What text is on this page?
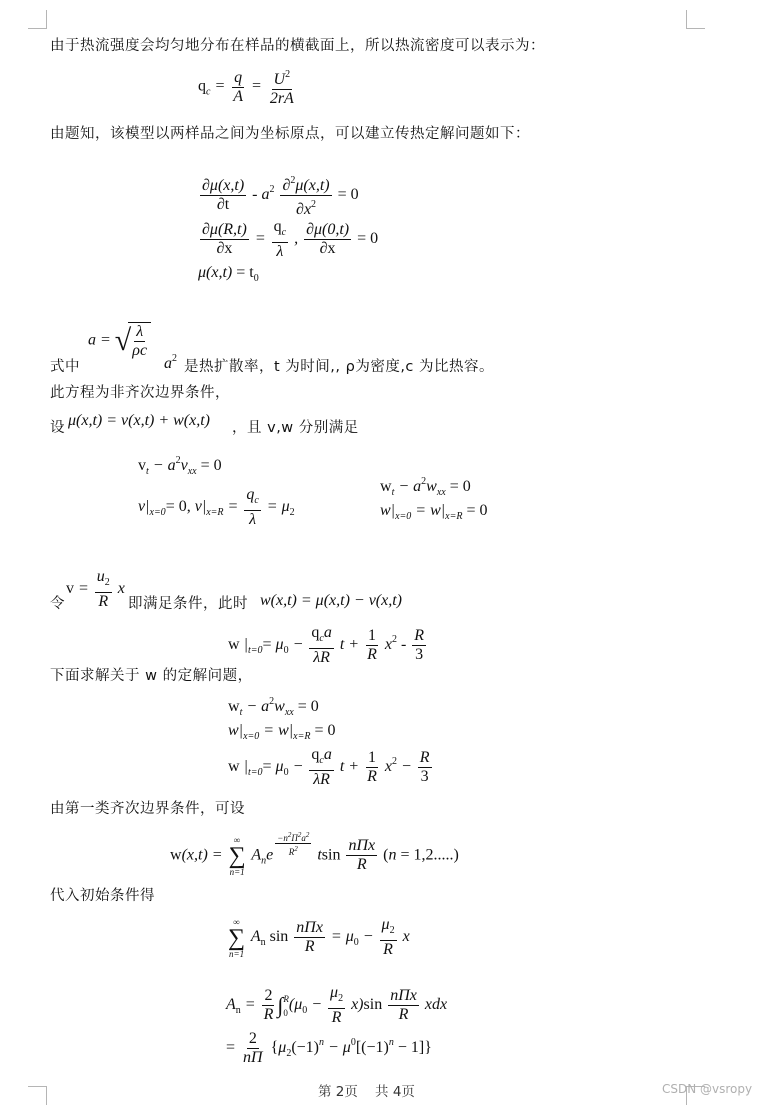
由于热流强度会均匀地分布在样品的横截面上，所以热流密度可以表示为：
$q_c = \frac{q}{A} = \frac{U^2}{2rA}$
由题知，该模型以两样品之间为坐标原点，可以建立传热定解问题如下：
$\frac{\partial\mu(x,t)}{\partial t} - a^2 \frac{\partial^2\mu(x,t)}{\partial x^2} = 0$
$\frac{\partial\mu(R,t)}{\partial x} = \frac{q_c}{\lambda}$ , $\frac{\partial\mu(0,t)}{\partial x} = 0$
$\mu(x,t) = t_0$
a = √ $\frac{\lambda}{\rho c}$
式中	$a^2$
是热扩散率，t 为时间,, ρ为密度,c 为比热容。
此方程为非齐次边界条件，
设 μ(x,t) = v(x,t) + w(x,t) ，且 v,w 分别满足
$v_t - a^2v_{xx} = 0$
$v|_{x=0}= 0$, $v|_{x=R} = \frac{q_c}{\lambda} = \mu_2$
$w_t - a^2w_{xx} = 0$
$w|_{x=0} = w|_{x=R} = 0$
令
$v = \frac{u_2}{R}$ x
即满足条件，此时 w(x,t) = μ(x,t) − v(x,t)
w $|_{t=0}= \mu_0 - \frac{q_ca}{\lambda R}$ $t + \frac{1}{R} x^2 - \frac{R}{3}$
下面求解关于 w 的定解问题，
$w_t - a^2w_{xx} = 0$
$w|_{x=0} = w|_{x=R} = 0$
w $|_{t=0}= \mu_0 - \frac{q_ca}{\lambda R}$ $t + \frac{1}{R} x^2 - \frac{R}{3}$
由第一类齐次边界条件，可设
w(x,t) =
∞
∑
n=1
$A_ne$ $^{\frac{-n^2\Pi^2a^2}{R^2}}$ tsin $\frac{\text{nΠx}}{R} (n = 1,2.....)$
代入初始条件得
∞
∑
n=1
$A_n$ $\sin \frac{\text{nΠx}}{R} = \mu_0 - \frac{\mu_2}{R}$ x
$A_n = \frac{2}{R}$ ∫ R
0 $(\mu_0 - \frac{\mu_2}{R} x)\sin \frac{\text{nΠx}}{R}$ xdx
= $\frac{2}{n\Pi} \{\mu_2(-1)^n - \mu^0[(-1)^n - 1]\}$
第 2页    共 4页	CSDN @vsropy
